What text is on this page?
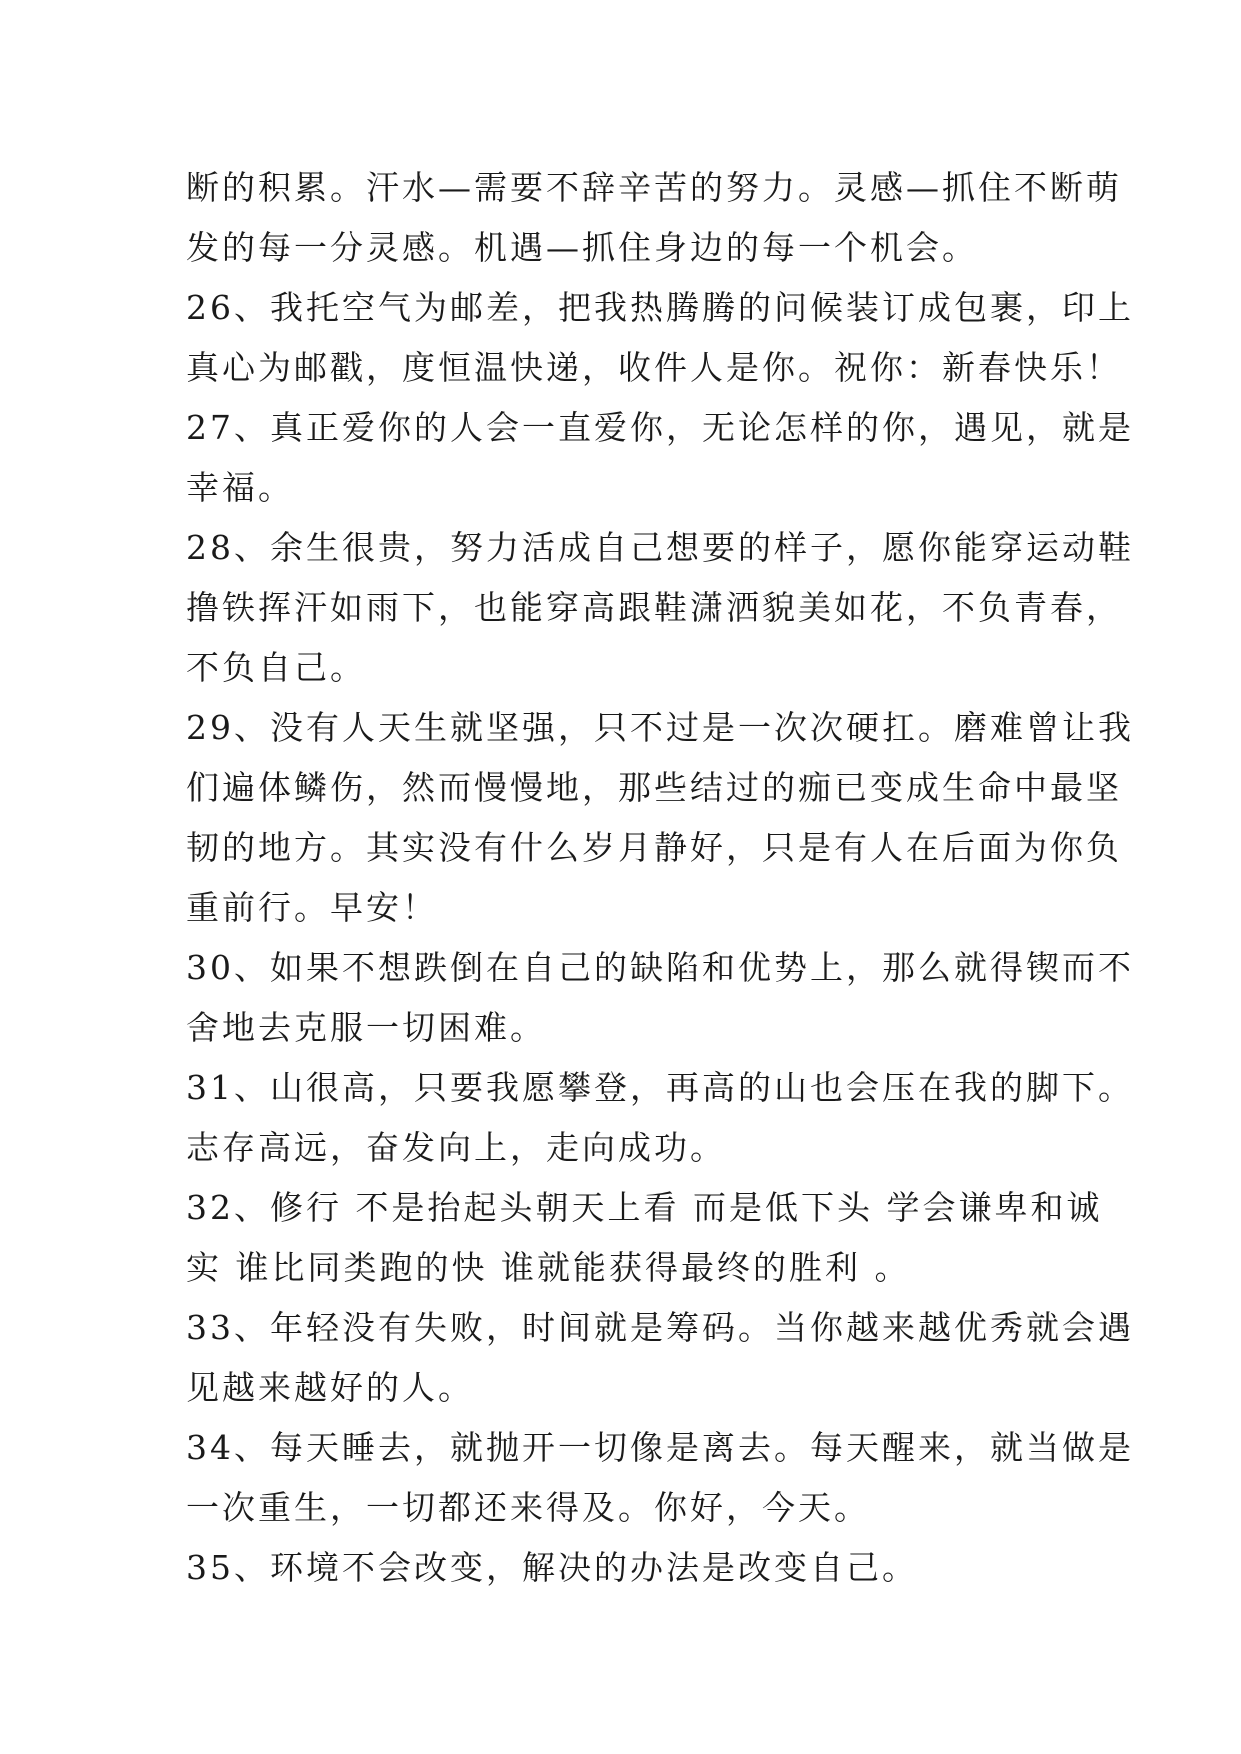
断的积累。汗水—需要不辞辛苦的努力。灵感—抓住不断萌
发的每一分灵感。机遇—抓住身边的每一个机会。
26、我托空气为邮差，把我热腾腾的问候装订成包裹，印上
真心为邮戳，度恒温快递，收件人是你。祝你：新春快乐！
27、真正爱你的人会一直爱你，无论怎样的你，遇见，就是
幸福。
28、余生很贵，努力活成自己想要的样子，愿你能穿运动鞋
撸铁挥汗如雨下，也能穿高跟鞋潇洒貌美如花，不负青春，
不负自己。
29、没有人天生就坚强，只不过是一次次硬扛。磨难曾让我
们遍体鳞伤，然而慢慢地，那些结过的痂已变成生命中最坚
韧的地方。其实没有什么岁月静好，只是有人在后面为你负
重前行。早安！
30、如果不想跌倒在自己的缺陷和优势上，那么就得锲而不
舍地去克服一切困难。
31、山很高，只要我愿攀登，再高的山也会压在我的脚下。
志存高远，奋发向上，走向成功。
32、修行 不是抬起头朝天上看 而是低下头 学会谦卑和诚
实 谁比同类跑的快 谁就能获得最终的胜利 。
33、年轻没有失败，时间就是筹码。当你越来越优秀就会遇
见越来越好的人。
34、每天睡去，就抛开一切像是离去。每天醒来，就当做是
一次重生，一切都还来得及。你好，今天。
35、环境不会改变，解决的办法是改变自己。
